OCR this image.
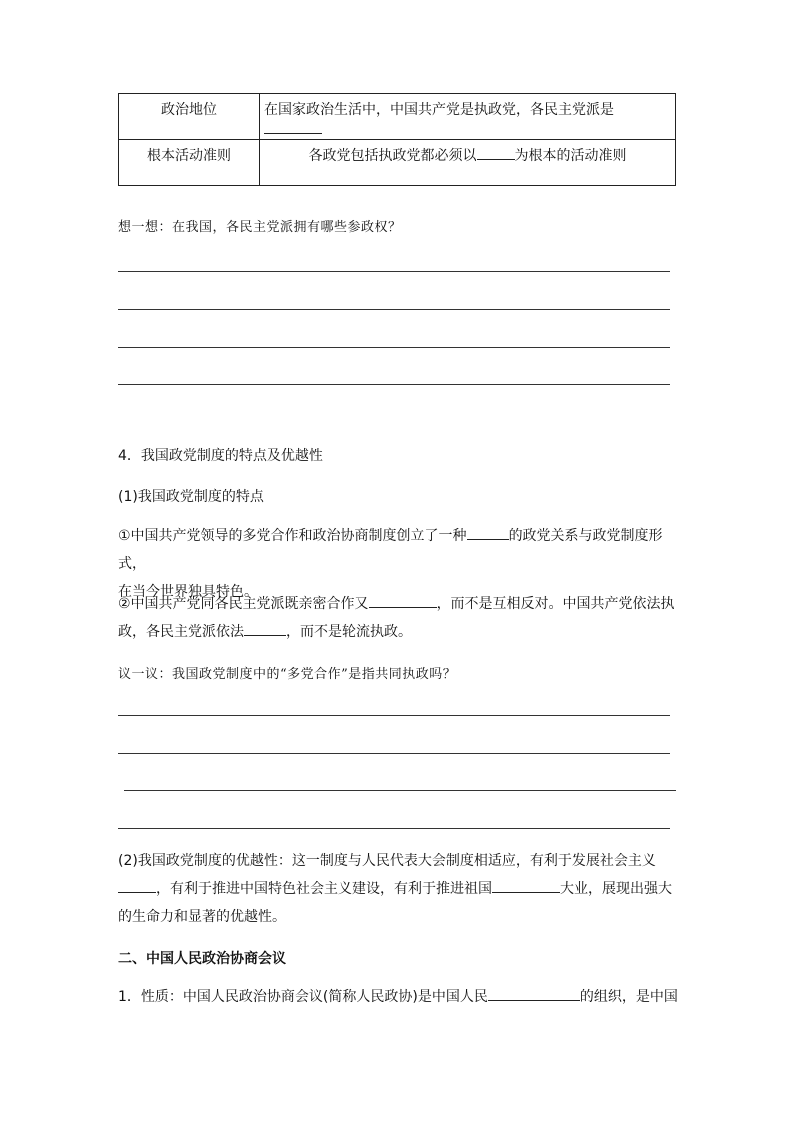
政治地位	在国家政治生活中，中国共产党是执政党，各民主党派是
根本活动准则	各政党包括执政党都必须以 为根本的活动准则
想一想：在我国，各民主党派拥有哪些参政权？
4．我国政党制度的特点及优越性
(1)我国政党制度的特点
①中国共产党领导的多党合作和政治协商制度创立了一种	的政党关系与政党制度形式，
在当今世界独具特色。
②中国共产党同各民主党派既亲密合作又	，而不是互相反对。中国共产党依法执
政，各民主党派依法	，而不是轮流执政。
议一议：我国政党制度中的“多党合作”是指共同执政吗？
(2)我国政党制度的优越性：这一制度与人民代表大会制度相适应，有利于发展社会主义
，有利于推进中国特色社会主义建设，有利于推进祖国	大业，展现出强大
的生命力和显著的优越性。
二、中国人民政治协商会议
1．性质：中国人民政治协商会议(简称人民政协)是中国人民	的组织，是中国
